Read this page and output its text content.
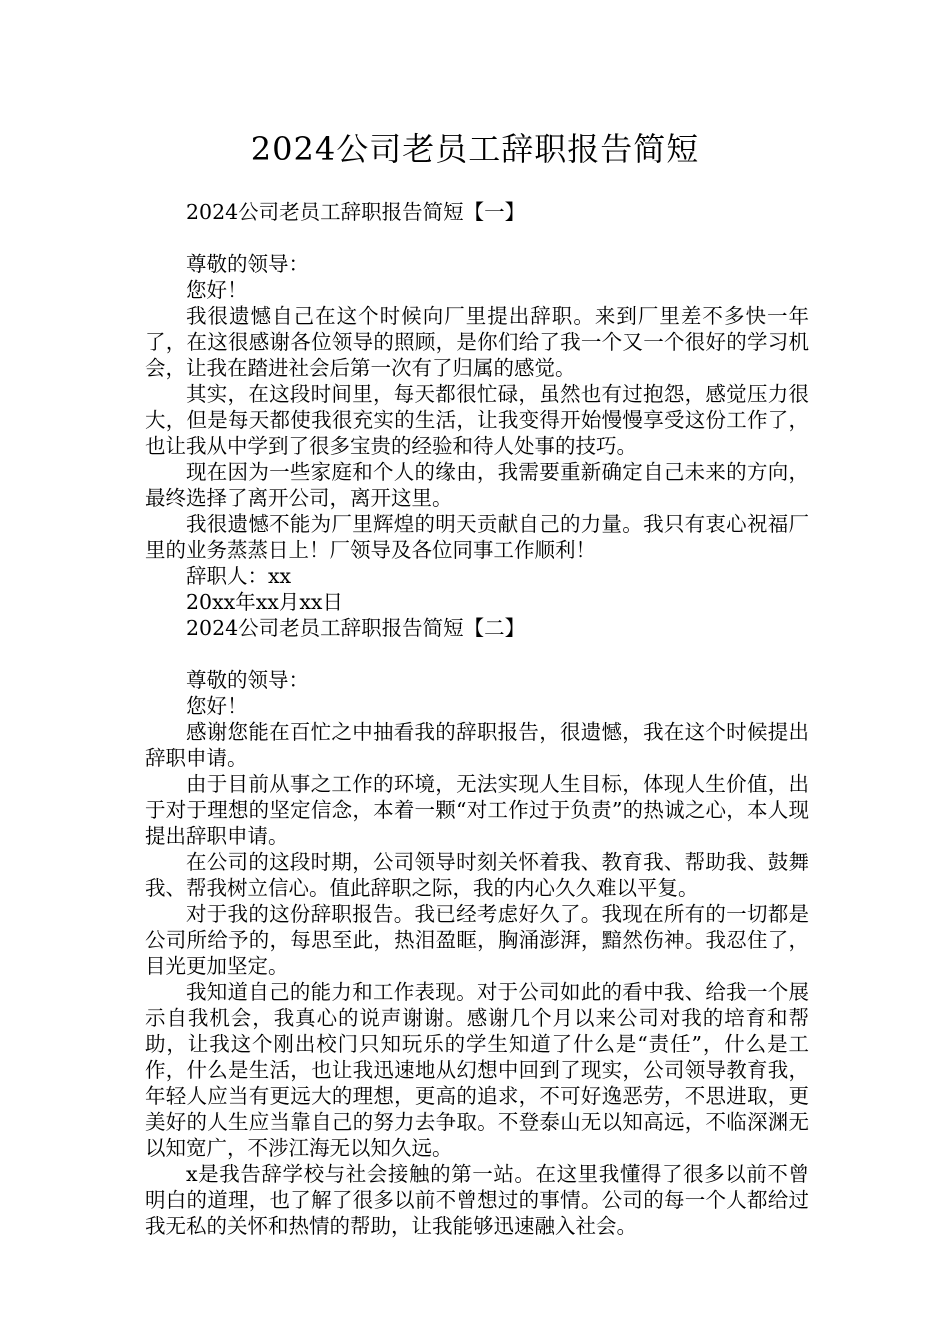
2024公司老员工辞职报告简短

2024公司老员工辞职报告简短【一】

尊敬的领导：

您好！

我很遗憾自己在这个时候向厂里提出辞职。来到厂里差不多快一年了，在这很感谢各位领导的照顾，是你们给了我一个又一个很好的学习机会，让我在踏进社会后第一次有了归属的感觉。

其实，在这段时间里，每天都很忙碌，虽然也有过抱怨，感觉压力很大，但是每天都使我很充实的生活，让我变得开始慢慢享受这份工作了，也让我从中学到了很多宝贵的经验和待人处事的技巧。

现在因为一些家庭和个人的缘由，我需要重新确定自己未来的方向，最终选择了离开公司，离开这里。

我很遗憾不能为厂里辉煌的明天贡献自己的力量。我只有衷心祝福厂里的业务蒸蒸日上！厂领导及各位同事工作顺利！

辞职人：xx

20xx年xx月xx日

2024公司老员工辞职报告简短【二】

尊敬的领导：

您好！

感谢您能在百忙之中抽看我的辞职报告，很遗憾，我在这个时候提出辞职申请。

由于目前从事之工作的环境，无法实现人生目标，体现人生价值，出于对于理想的坚定信念，本着一颗“对工作过于负责”的热诚之心，本人现提出辞职申请。

在公司的这段时期，公司领导时刻关怀着我、教育我、帮助我、鼓舞我、帮我树立信心。值此辞职之际，我的内心久久难以平复。

对于我的这份辞职报告。我已经考虑好久了。我现在所有的一切都是公司所给予的，每思至此，热泪盈眶，胸涌澎湃，黯然伤神。我忍住了，目光更加坚定。

我知道自己的能力和工作表现。对于公司如此的看中我、给我一个展示自我机会，我真心的说声谢谢。感谢几个月以来公司对我的培育和帮助，让我这个刚出校门只知玩乐的学生知道了什么是“责任”，什么是工作，什么是生活，也让我迅速地从幻想中回到了现实，公司领导教育我，年轻人应当有更远大的理想，更高的追求，不可好逸恶劳，不思进取，更美好的人生应当靠自己的努力去争取。不登泰山无以知高远，不临深渊无以知宽广，不涉江海无以知久远。

x是我告辞学校与社会接触的第一站。在这里我懂得了很多以前不曾明白的道理，也了解了很多以前不曾想过的事情。公司的每一个人都给过我无私的关怀和热情的帮助，让我能够迅速融入社会。
